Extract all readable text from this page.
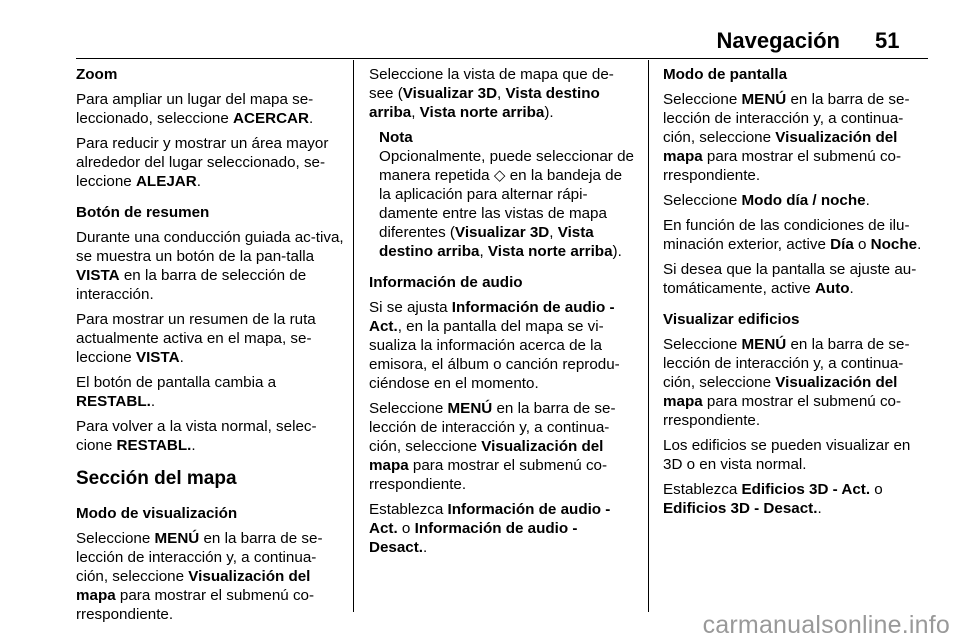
Navegación 51

Zoom

Para ampliar un lugar del mapa se-leccionado, seleccione ACERCAR.

Para reducir y mostrar un área mayor alrededor del lugar seleccionado, se-leccione ALEJAR.

Botón de resumen

Durante una conducción guiada ac-tiva, se muestra un botón de la pan-talla VISTA en la barra de selección de interacción.

Para mostrar un resumen de la ruta actualmente activa en el mapa, se-leccione VISTA.

El botón de pantalla cambia a
RESTABL..

Para volver a la vista normal, selec-cione RESTABL..

Sección del mapa

Modo de visualización

Seleccione MENÚ en la barra de se-lección de interacción y, a continua-ción, seleccione Visualización del mapa para mostrar el submenú co-rrespondiente.

Seleccione la vista de mapa que de-see (Visualizar 3D, Vista destino arriba, Vista norte arriba).

Nota
Opcionalmente, puede seleccionar de manera repetida ◇ en la bandeja de la aplicación para alternar rápi-damente entre las vistas de mapa diferentes (Visualizar 3D, Vista destino arriba, Vista norte arriba).

Información de audio

Si se ajusta Información de audio - Act., en la pantalla del mapa se vi-sualiza la información acerca de la emisora, el álbum o canción reprodu-ciéndose en el momento.

Seleccione MENÚ en la barra de se-lección de interacción y, a continua-ción, seleccione Visualización del mapa para mostrar el submenú co-rrespondiente.

Establezca Información de audio - Act. o Información de audio - Desact..

Modo de pantalla

Seleccione MENÚ en la barra de se-lección de interacción y, a continua-ción, seleccione Visualización del mapa para mostrar el submenú co-rrespondiente.

Seleccione Modo día / noche.

En función de las condiciones de ilu-minación exterior, active Día o Noche.

Si desea que la pantalla se ajuste au-tomáticamente, active Auto.

Visualizar edificios

Seleccione MENÚ en la barra de se-lección de interacción y, a continua-ción, seleccione Visualización del mapa para mostrar el submenú co-rrespondiente.

Los edificios se pueden visualizar en 3D o en vista normal.

Establezca Edificios 3D - Act. o
Edificios 3D - Desact..

carmanualsonline.info
